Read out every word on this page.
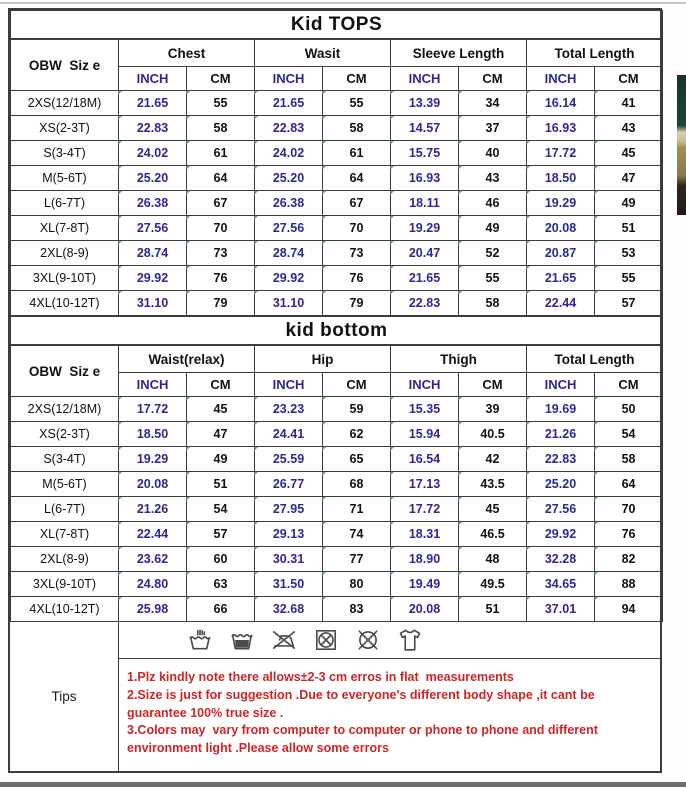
Kid TOPS								
OBW  Siz e	Chest		Wasit		Sleeve Length		Total Length	
	INCH	CM	INCH	CM	INCH	CM	INCH	CM
2XS(12/18M)	21.65	55	21.65	55	13.39	34	16.14	41
XS(2-3T)	22.83	58	22.83	58	14.57	37	16.93	43
S(3-4T)	24.02	61	24.02	61	15.75	40	17.72	45
M(5-6T)	25.20	64	25.20	64	16.93	43	18.50	47
L(6-7T)	26.38	67	26.38	67	18.11	46	19.29	49
XL(7-8T)	27.56	70	27.56	70	19.29	49	20.08	51
2XL(8-9)	28.74	73	28.74	73	20.47	52	20.87	53
3XL(9-10T)	29.92	76	29.92	76	21.65	55	21.65	55
4XL(10-12T)	31.10	79	31.10	79	22.83	58	22.44	57
kid bottom								
OBW  Siz e	Waist(relax)		Hip		Thigh		Total Length	
	INCH	CM	INCH	CM	INCH	CM	INCH	CM
2XS(12/18M)	17.72	45	23.23	59	15.35	39	19.69	50
XS(2-3T)	18.50	47	24.41	62	15.94	40.5	21.26	54
S(3-4T)	19.29	49	25.59	65	16.54	42	22.83	58
M(5-6T)	20.08	51	26.77	68	17.13	43.5	25.20	64
L(6-7T)	21.26	54	27.95	71	17.72	45	27.56	70
XL(7-8T)	22.44	57	29.13	74	18.31	46.5	29.92	76
2XL(8-9)	23.62	60	30.31	77	18.90	48	32.28	82
3XL(9-10T)	24.80	63	31.50	80	19.49	49.5	34.65	88
4XL(10-12T)	25.98	66	32.68	83	20.08	51	37.01	94
Tips
1.Plz kindly note there allows±2-3 cm erros in flat  measurements
2.Size is just for suggestion .Due to everyone's different body shape ,it cant be guarantee 100% true size .
3.Colors may  vary from computer to computer or phone to phone and different environment light .Please allow some errors
